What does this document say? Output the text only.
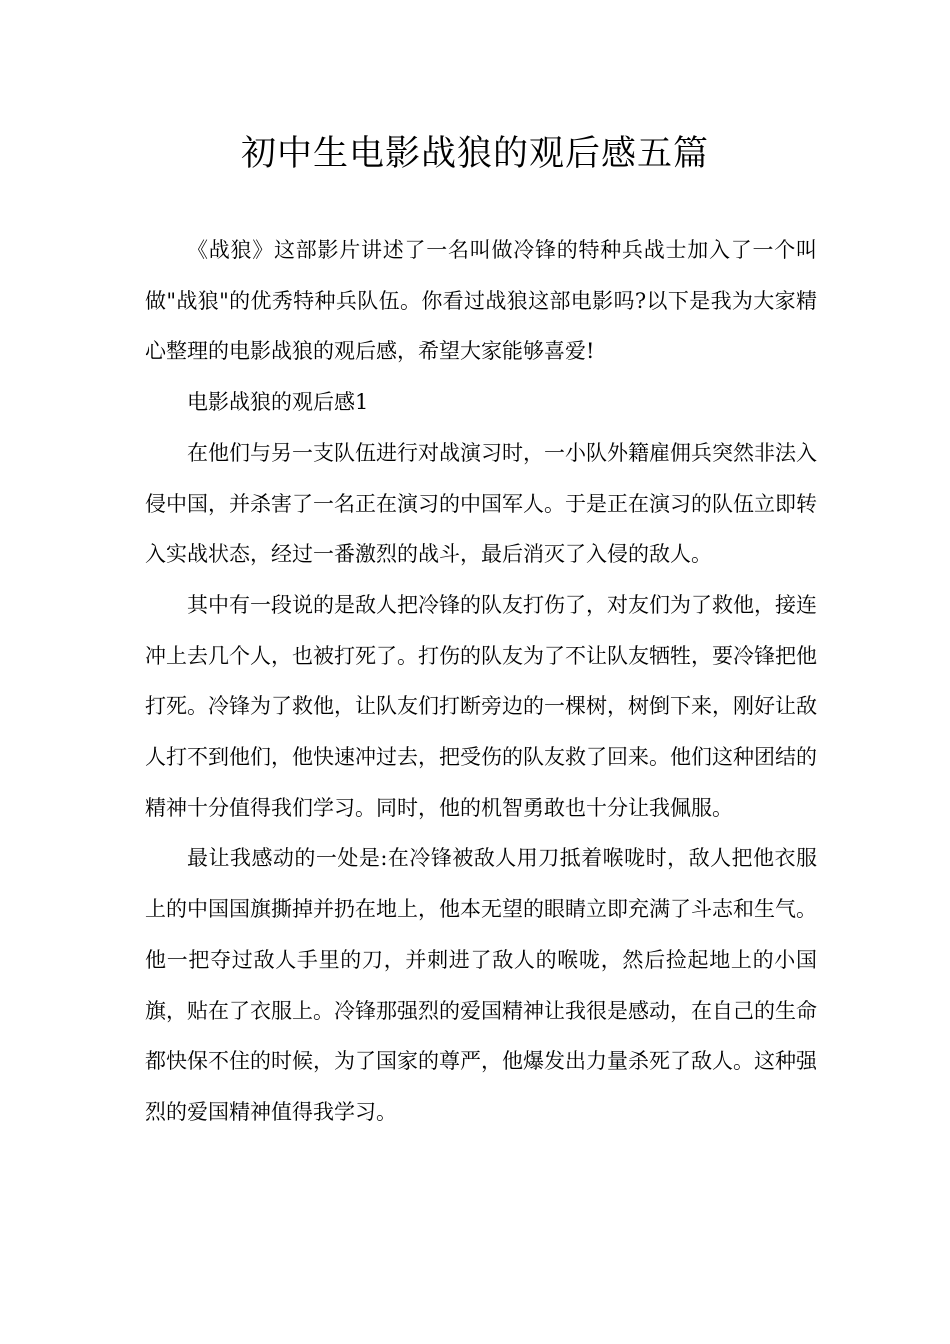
初中生电影战狼的观后感五篇

《战狼》这部影片讲述了一名叫做冷锋的特种兵战士加入了一个叫做"战狼"的优秀特种兵队伍。你看过战狼这部电影吗?以下是我为大家精心整理的电影战狼的观后感，希望大家能够喜爱!

电影战狼的观后感1

在他们与另一支队伍进行对战演习时，一小队外籍雇佣兵突然非法入侵中国，并杀害了一名正在演习的中国军人。于是正在演习的队伍立即转入实战状态，经过一番激烈的战斗，最后消灭了入侵的敌人。

其中有一段说的是敌人把冷锋的队友打伤了，对友们为了救他，接连冲上去几个人，也被打死了。打伤的队友为了不让队友牺牲，要冷锋把他打死。冷锋为了救他，让队友们打断旁边的一棵树，树倒下来，刚好让敌人打不到他们，他快速冲过去，把受伤的队友救了回来。他们这种团结的精神十分值得我们学习。同时，他的机智勇敢也十分让我佩服。

最让我感动的一处是:在冷锋被敌人用刀抵着喉咙时，敌人把他衣服上的中国国旗撕掉并扔在地上，他本无望的眼睛立即充满了斗志和生气。他一把夺过敌人手里的刀，并刺进了敌人的喉咙，然后捡起地上的小国旗，贴在了衣服上。冷锋那强烈的爱国精神让我很是感动，在自己的生命都快保不住的时候，为了国家的尊严，他爆发出力量杀死了敌人。这种强烈的爱国精神值得我学习。
